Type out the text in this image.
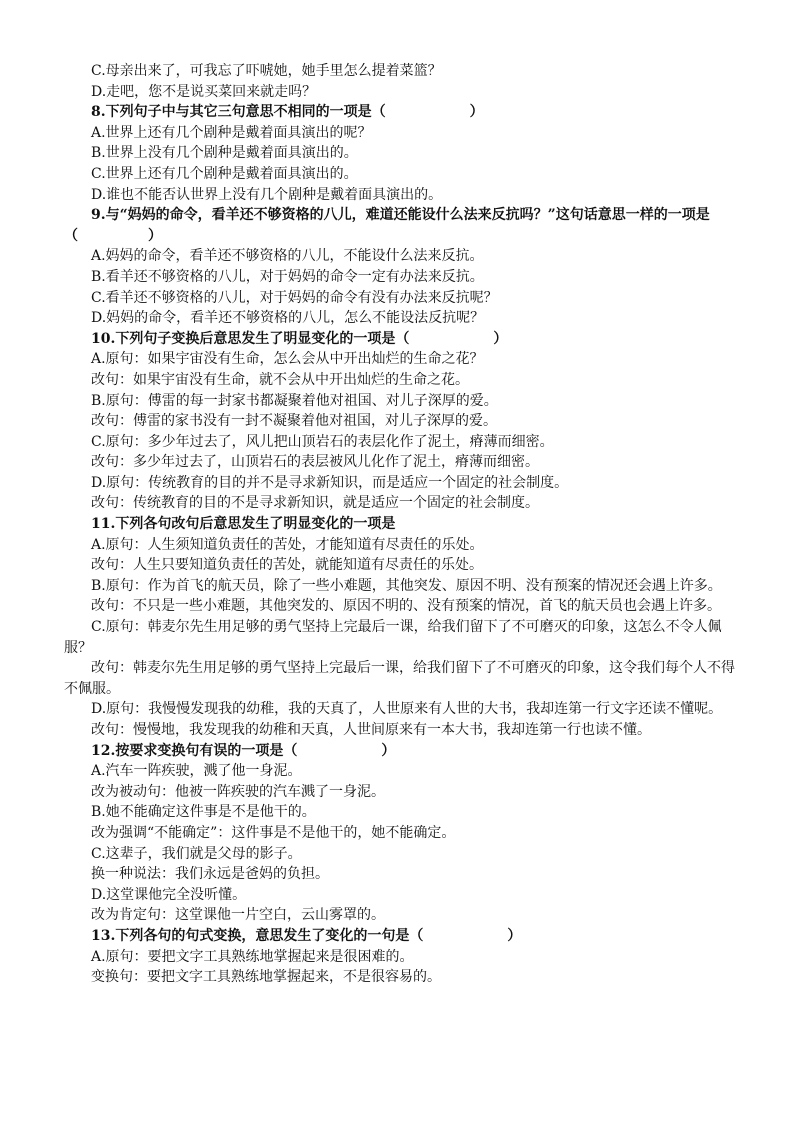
C.母亲出来了，可我忘了吓唬她，她手里怎么提着菜篮？
D.走吧，您不是说买菜回来就走吗？
8.下列句子中与其它三句意思不相同的一项是（　　　　　　）
A.世界上还有几个剧种是戴着面具演出的呢？
B.世界上没有几个剧种是戴着面具演出的。
C.世界上还有几个剧种是戴着面具演出的。
D.谁也不能否认世界上没有几个剧种是戴着面具演出的。
9.与“妈妈的命令，看羊还不够资格的八儿，难道还能设什么法来反抗吗？”这句话意思一样的一项是（　　　　　）
A.妈妈的命令，看羊还不够资格的八儿，不能设什么法来反抗。
B.看羊还不够资格的八儿，对于妈妈的命令一定有办法来反抗。
C.看羊还不够资格的八儿，对于妈妈的命令有没有办法来反抗呢？
D.妈妈的命令，看羊还不够资格的八儿，怎么不能设法反抗呢？
10.下列句子变换后意思发生了明显变化的一项是（　　　　　　）
A.原句：如果宇宙没有生命，怎么会从中开出灿烂的生命之花？
改句：如果宇宙没有生命，就不会从中开出灿烂的生命之花。
B.原句：傅雷的每一封家书都凝聚着他对祖国、对儿子深厚的爱。
改句：傅雷的家书没有一封不凝聚着他对祖国，对儿子深厚的爱。
C.原句：多少年过去了，风儿把山顶岩石的表层化作了泥土，瘠薄而细密。
改句：多少年过去了，山顶岩石的表层被风儿化作了泥土，瘠薄而细密。
D.原句：传统教育的目的并不是寻求新知识，而是适应一个固定的社会制度。
改句：传统教育的目的不是寻求新知识，就是适应一个固定的社会制度。
11.下列各句改句后意思发生了明显变化的一项是
A.原句：人生须知道负责任的苦处，才能知道有尽责任的乐处。
改句：人生只要知道负责任的苦处，就能知道有尽责任的乐处。
B.原句：作为首飞的航天员，除了一些小难题，其他突发、原因不明、没有预案的情况还会遇上许多。
改句：不只是一些小难题，其他突发的、原因不明的、没有预案的情况，首飞的航天员也会遇上许多。
C.原句：韩麦尔先生用足够的勇气坚持上完最后一课，给我们留下了不可磨灭的印象，这怎么不令人佩服？
改句：韩麦尔先生用足够的勇气坚持上完最后一课，给我们留下了不可磨灭的印象，这令我们每个人不得不佩服。
D.原句：我慢慢发现我的幼稚，我的天真了，人世原来有人世的大书，我却连第一行文字还读不懂呢。
改句：慢慢地，我发现我的幼稚和天真，人世间原来有一本大书，我却连第一行也读不懂。
12.按要求变换句有误的一项是（　　　　　　）
A.汽车一阵疾驶，溅了他一身泥。
改为被动句：他被一阵疾驶的汽车溅了一身泥。
B.她不能确定这件事是不是他干的。
改为强调“不能确定”：这件事是不是他干的，她不能确定。
C.这辈子，我们就是父母的影子。
换一种说法：我们永远是爸妈的负担。
D.这堂课他完全没听懂。
改为肯定句：这堂课他一片空白，云山雾罩的。
13.下列各句的句式变换，意思发生了变化的一句是（　　　　　　）
A.原句：要把文字工具熟练地掌握起来是很困难的。
变换句：要把文字工具熟练地掌握起来，不是很容易的。
